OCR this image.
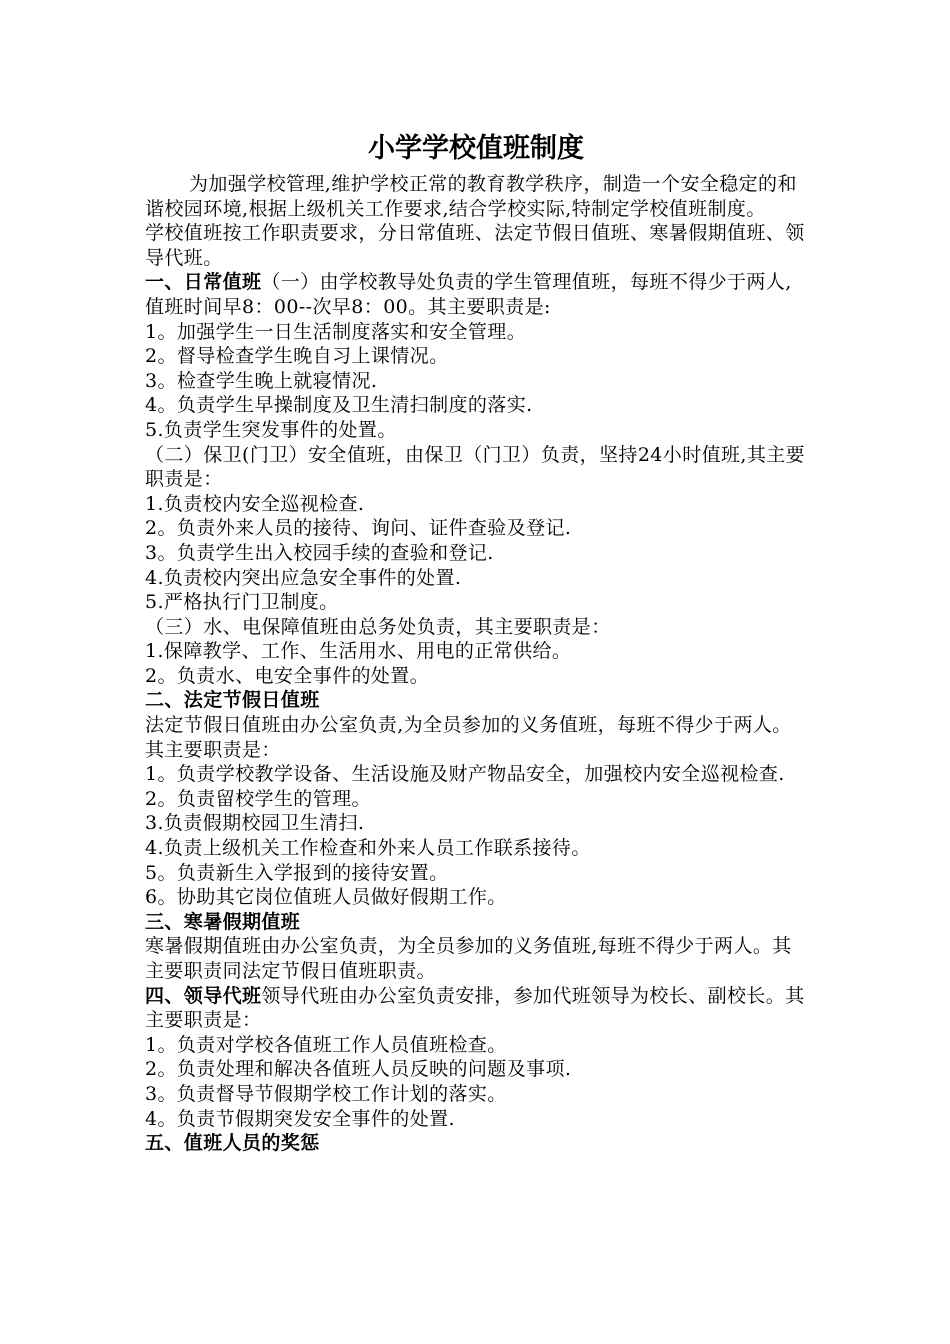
小学学校值班制度

为加强学校管理,维护学校正常的教育教学秩序，制造一个安全稳定的和谐校园环境,根据上级机关工作要求,结合学校实际,特制定学校值班制度。

学校值班按工作职责要求，分日常值班、法定节假日值班、寒暑假期值班、领导代班。

一、日常值班（一）由学校教导处负责的学生管理值班，每班不得少于两人,值班时间早8：00--次早8：00。其主要职责是:

1。加强学生一日生活制度落实和安全管理。

2。督导检查学生晚自习上课情况。

3。检查学生晚上就寝情况.

4。负责学生早操制度及卫生清扫制度的落实.

5.负责学生突发事件的处置。

（二）保卫(门卫）安全值班，由保卫（门卫）负责，坚持24小时值班,其主要职责是：

1.负责校内安全巡视检查.

2。负责外来人员的接待、询问、证件查验及登记.

3。负责学生出入校园手续的查验和登记.

4.负责校内突出应急安全事件的处置.

5.严格执行门卫制度。

（三）水、电保障值班由总务处负责，其主要职责是：

1.保障教学、工作、生活用水、用电的正常供给。

2。负责水、电安全事件的处置。

二、法定节假日值班

法定节假日值班由办公室负责,为全员参加的义务值班，每班不得少于两人。其主要职责是：

1。负责学校教学设备、生活设施及财产物品安全，加强校内安全巡视检查.

2。负责留校学生的管理。

3.负责假期校园卫生清扫.

4.负责上级机关工作检查和外来人员工作联系接待。

5。负责新生入学报到的接待安置。

6。协助其它岗位值班人员做好假期工作。

三、寒暑假期值班

寒暑假期值班由办公室负责，为全员参加的义务值班,每班不得少于两人。其主要职责同法定节假日值班职责。

四、领导代班领导代班由办公室负责安排，参加代班领导为校长、副校长。其主要职责是：

1。负责对学校各值班工作人员值班检查。

2。负责处理和解决各值班人员反映的问题及事项.

3。负责督导节假期学校工作计划的落实。

4。负责节假期突发安全事件的处置.

五、值班人员的奖惩
